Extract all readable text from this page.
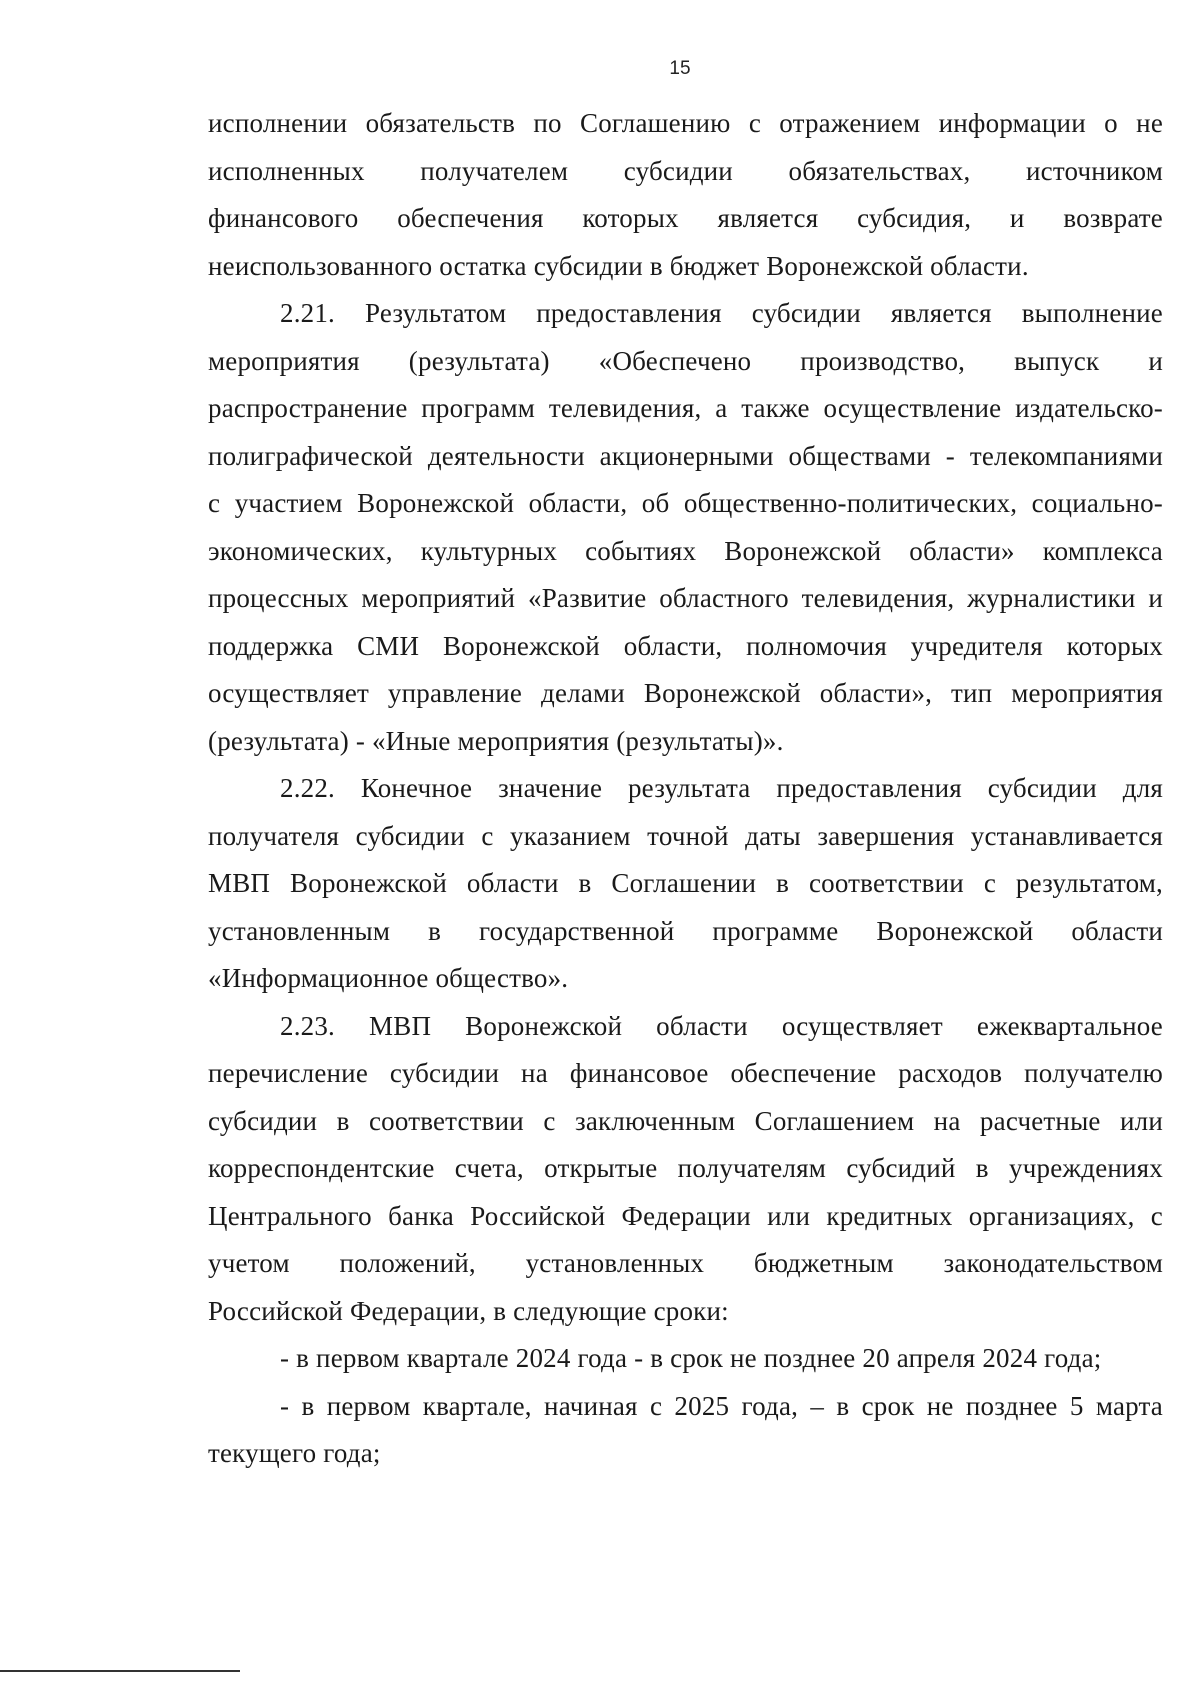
15
исполнении обязательств по Соглашению с отражением информации о не
исполненных получателем субсидии обязательствах, источником
финансового обеспечения которых является субсидия, и возврате
неиспользованного остатка субсидии в бюджет Воронежской области.
2.21. Результатом предоставления субсидии является выполнение
мероприятия (результата) «Обеспечено производство, выпуск и
распространение программ телевидения, а также осуществление издательско-
полиграфической деятельности акционерными обществами - телекомпаниями
с участием Воронежской области, об общественно-политических, социально-
экономических, культурных событиях Воронежской области» комплекса
процессных мероприятий «Развитие областного телевидения, журналистики и
поддержка СМИ Воронежской области, полномочия учредителя которых
осуществляет управление делами Воронежской области», тип мероприятия
(результата) - «Иные мероприятия (результаты)».
2.22. Конечное значение результата предоставления субсидии для
получателя субсидии с указанием точной даты завершения устанавливается
МВП Воронежской области в Соглашении в соответствии с результатом,
установленным в государственной программе Воронежской области
«Информационное общество».
2.23. МВП Воронежской области осуществляет ежеквартальное
перечисление субсидии на финансовое обеспечение расходов получателю
субсидии в соответствии с заключенным Соглашением на расчетные или
корреспондентские счета, открытые получателям субсидий в учреждениях
Центрального банка Российской Федерации или кредитных организациях, с
учетом положений, установленных бюджетным законодательством
Российской Федерации, в следующие сроки:
- в первом квартале 2024 года - в срок не позднее 20 апреля 2024 года;
- в первом квартале, начиная с 2025 года, – в срок не позднее 5 марта
текущего года;
